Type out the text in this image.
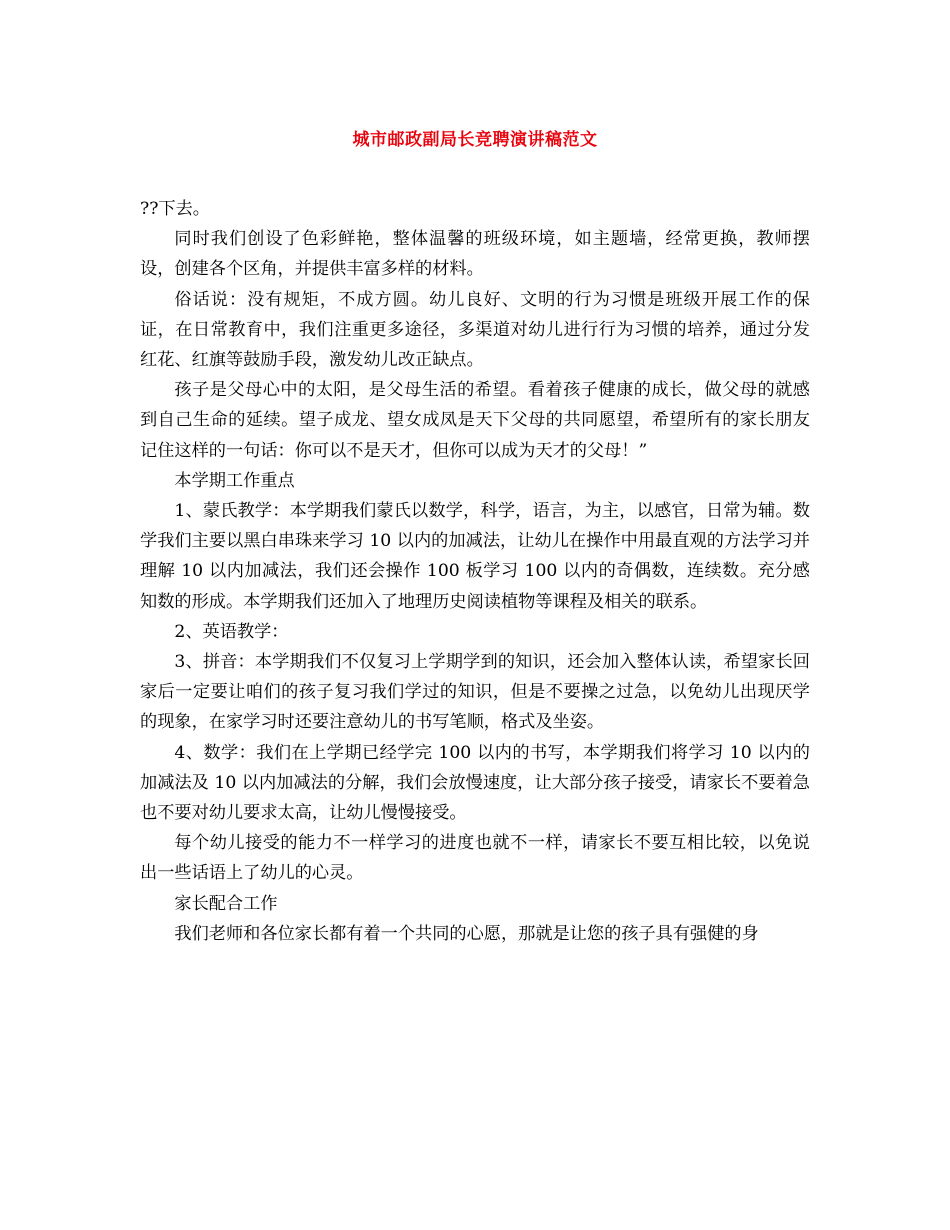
城市邮政副局长竞聘演讲稿范文

??下去。

同时我们创设了色彩鲜艳，整体温馨的班级环境，如主题墙，经常更换，教师摆设，创建各个区角，并提供丰富多样的材料。

俗话说：没有规矩，不成方圆。幼儿良好、文明的行为习惯是班级开展工作的保证，在日常教育中，我们注重更多途径，多渠道对幼儿进行行为习惯的培养，通过分发红花、红旗等鼓励手段，激发幼儿改正缺点。

孩子是父母心中的太阳，是父母生活的希望。看着孩子健康的成长，做父母的就感到自己生命的延续。望子成龙、望女成凤是天下父母的共同愿望，希望所有的家长朋友记住这样的一句话：你可以不是天才，但你可以成为天才的父母！”

本学期工作重点

1、蒙氏教学：本学期我们蒙氏以数学，科学，语言，为主，以感官，日常为辅。数学我们主要以黑白串珠来学习 10 以内的加减法，让幼儿在操作中用最直观的方法学习并理解 10 以内加减法，我们还会操作 100 板学习 100 以内的奇偶数，连续数。充分感知数的形成。本学期我们还加入了地理历史阅读植物等课程及相关的联系。

2、英语教学：

3、拼音：本学期我们不仅复习上学期学到的知识，还会加入整体认读，希望家长回家后一定要让咱们的孩子复习我们学过的知识，但是不要操之过急，以免幼儿出现厌学的现象，在家学习时还要注意幼儿的书写笔顺，格式及坐姿。

4、数学：我们在上学期已经学完 100 以内的书写，本学期我们将学习 10 以内的加减法及 10 以内加减法的分解，我们会放慢速度，让大部分孩子接受，请家长不要着急也不要对幼儿要求太高，让幼儿慢慢接受。

每个幼儿接受的能力不一样学习的进度也就不一样，请家长不要互相比较，以免说出一些话语上了幼儿的心灵。

家长配合工作

我们老师和各位家长都有着一个共同的心愿，那就是让您的孩子具有强健的身
